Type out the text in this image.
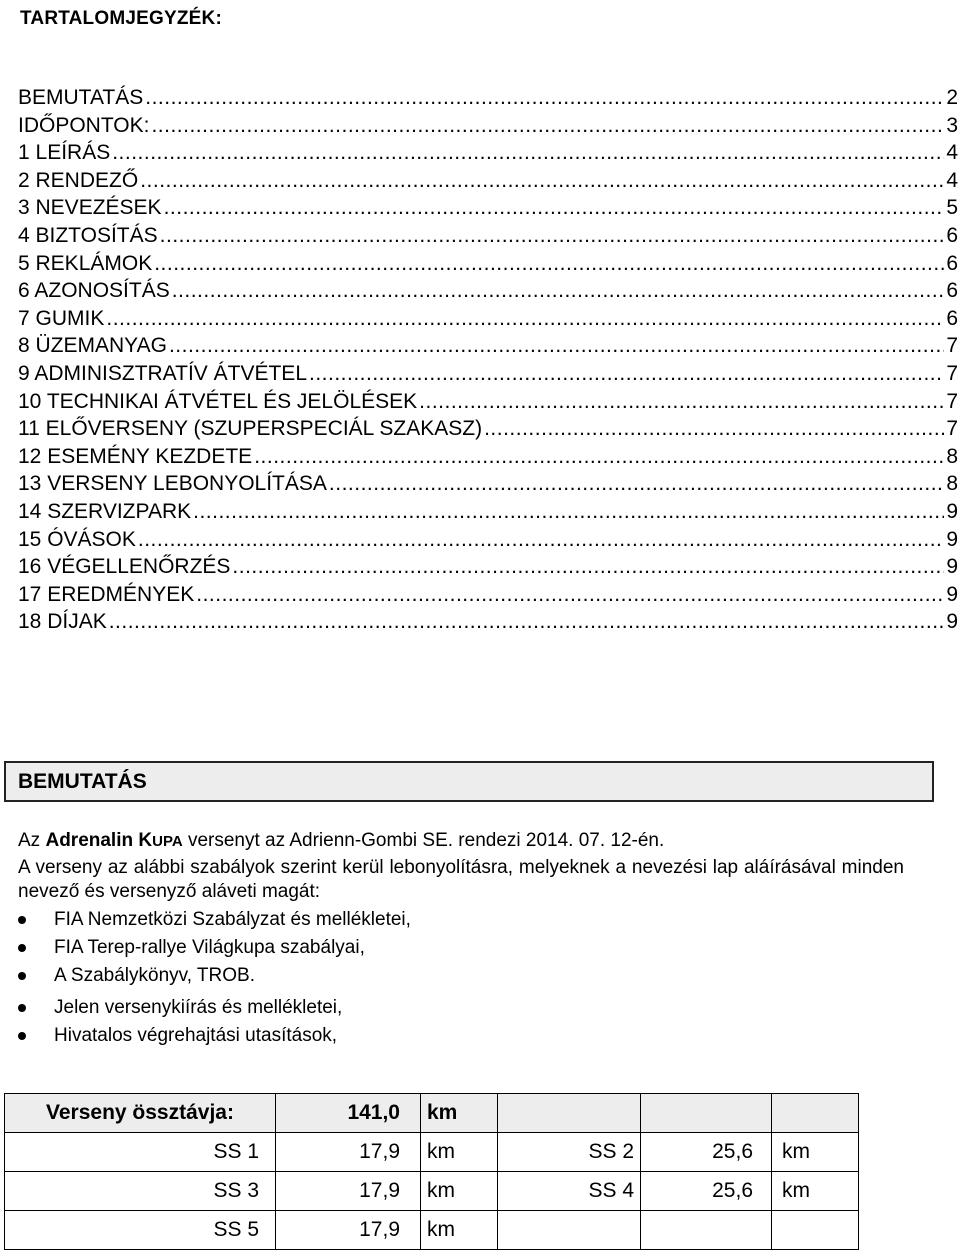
TARTALOMJEGYZÉK:
BEMUTATÁS .....	2
IDŐPONTOK: .....	3
1 LEÍRÁS .....	4
2 RENDEZŐ .....	4
3 NEVEZÉSEK .....	5
4 BIZTOSÍTÁS .....	6
5 REKLÁMOK .....	6
6 AZONOSÍTÁS .....	6
7 GUMIK .....	6
8 ÜZEMANYAG .....	7
9 ADMINISZTRATÍV ÁTVÉTEL .....	7
10 TECHNIKAI ÁTVÉTEL ÉS JELÖLÉSEK .....	7
11 ELŐVERSENY (SZUPERSPECIÁL SZAKASZ) .....	7
12 ESEMÉNY KEZDETE .....	8
13 VERSENY LEBONYOLÍTÁSA .....	8
14 SZERVIZPARK .....	9
15 ÓVÁSOK .....	9
16 VÉGELLENŐRZÉS .....	9
17 EREDMÉNYEK .....	9
18 DÍJAK .....	9
BEMUTATÁS
Az Adrenalin KUPA versenyt az Adrienn-Gombi SE. rendezi 2014. 07. 12-én.
A verseny az alábbi szabályok szerint kerül lebonyolításra, melyeknek a nevezési lap aláírásával minden nevező és versenyző aláveti magát:
FIA Nemzetközi Szabályzat és mellékletei,
FIA Terep-rallye Világkupa szabályai,
A Szabálykönyv, TROB.
Jelen versenykiírás és mellékletei,
Hivatalos végrehajtási utasítások,
Verseny össztávja:	141,0	km			
SS 1	17,9	km	SS 2	25,6	km
SS 3	17,9	km	SS 4	25,6	km
SS 5	17,9	km			
